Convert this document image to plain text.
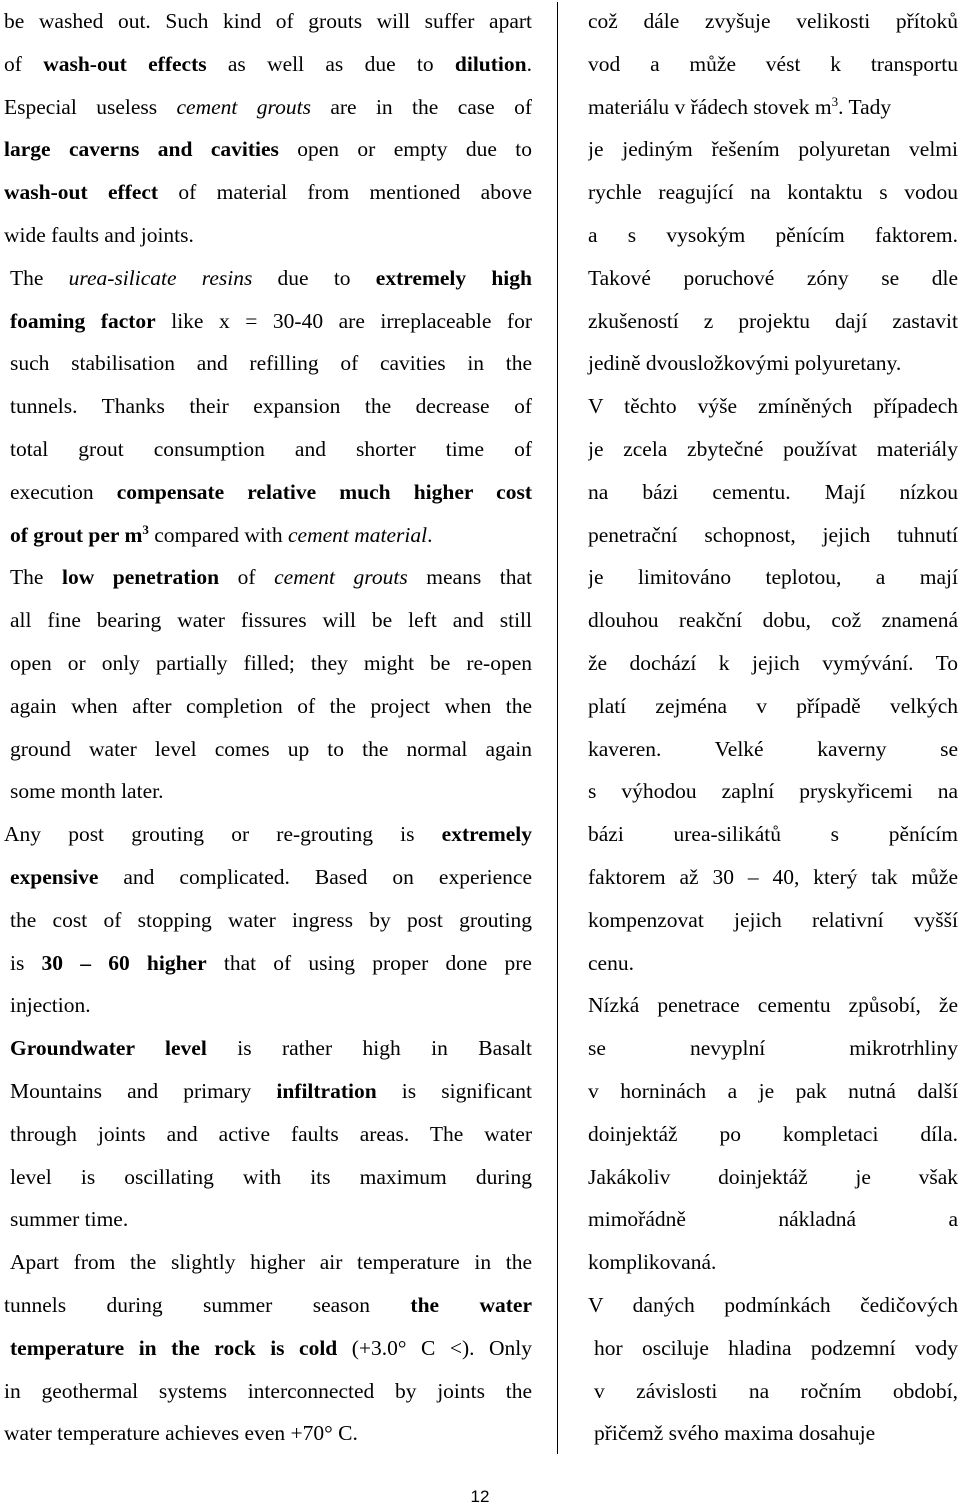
be washed out. Such kind of grouts will suffer apart
of wash-out effects as well as due to dilution.
Especial useless cement grouts are in the case of
large caverns and cavities open or empty due to
wash-out effect of material from mentioned above
wide faults and joints.
The urea-silicate resins due to extremely high
foaming factor like x = 30-40 are irreplaceable for
such stabilisation and refilling of cavities in the
tunnels. Thanks their expansion the decrease of
total grout consumption and shorter time of
execution compensate relative much higher cost
of grout per $m^3$ compared with cement material.
The low penetration of cement grouts means that
all fine bearing water fissures will be left and still
open or only partially filled; they might be re-open
again when after completion of the project when the
ground water level comes up to the normal again
some month later.
Any post grouting or re-grouting is extremely
expensive and complicated. Based on experience
the cost of stopping water ingress by post grouting
is 30 – 60 higher that of using proper done pre
injection.
Groundwater level is rather high in Basalt
Mountains and primary infiltration is significant
through joints and active faults areas. The water
level is oscillating with its maximum during
summer time.
Apart from the slightly higher air temperature in the
tunnels during summer season the water
temperature in the rock is cold (+3.0° C <). Only
in geothermal systems interconnected by joints the
water temperature achieves even +70° C.
což dále zvyšuje velikosti přítoků
vod a může vést k transportu
materiálu v řádech stovek $m^3$. Tady
je jediným řešením polyuretan velmi
rychle reagující na kontaktu s vodou
a s vysokým pěnícím faktorem.
Takové poruchové zóny se dle
zkušeností z projektu dají zastavit
jedině dvousložkovými polyuretany.
V těchto výše zmíněných případech
je zcela zbytečné používat materiály
na bázi cementu. Mají nízkou
penetrační schopnost, jejich tuhnutí
je limitováno teplotou, a mají
dlouhou reakční dobu, což znamená
že dochází k jejich vymývání. To
platí zejména v případě velkých
kaveren. Velké kaverny se
s výhodou zaplní pryskyřicemi na
bázi urea-silikátů s pěnícím
faktorem až 30 – 40, který tak může
kompenzovat jejich relativní vyšší
cenu.
Nízká penetrace cementu způsobí, že
se nevyplní mikrotrhliny
v horninách a je pak nutná další
doinjektáž po kompletaci díla.
Jakákoliv doinjektáž je však
mimořádně nákladná a
komplikovaná.
V daných podmínkách čedičových
hor osciluje hladina podzemní vody
v závislosti na ročním období,
přičemž svého maxima dosahuje
12
